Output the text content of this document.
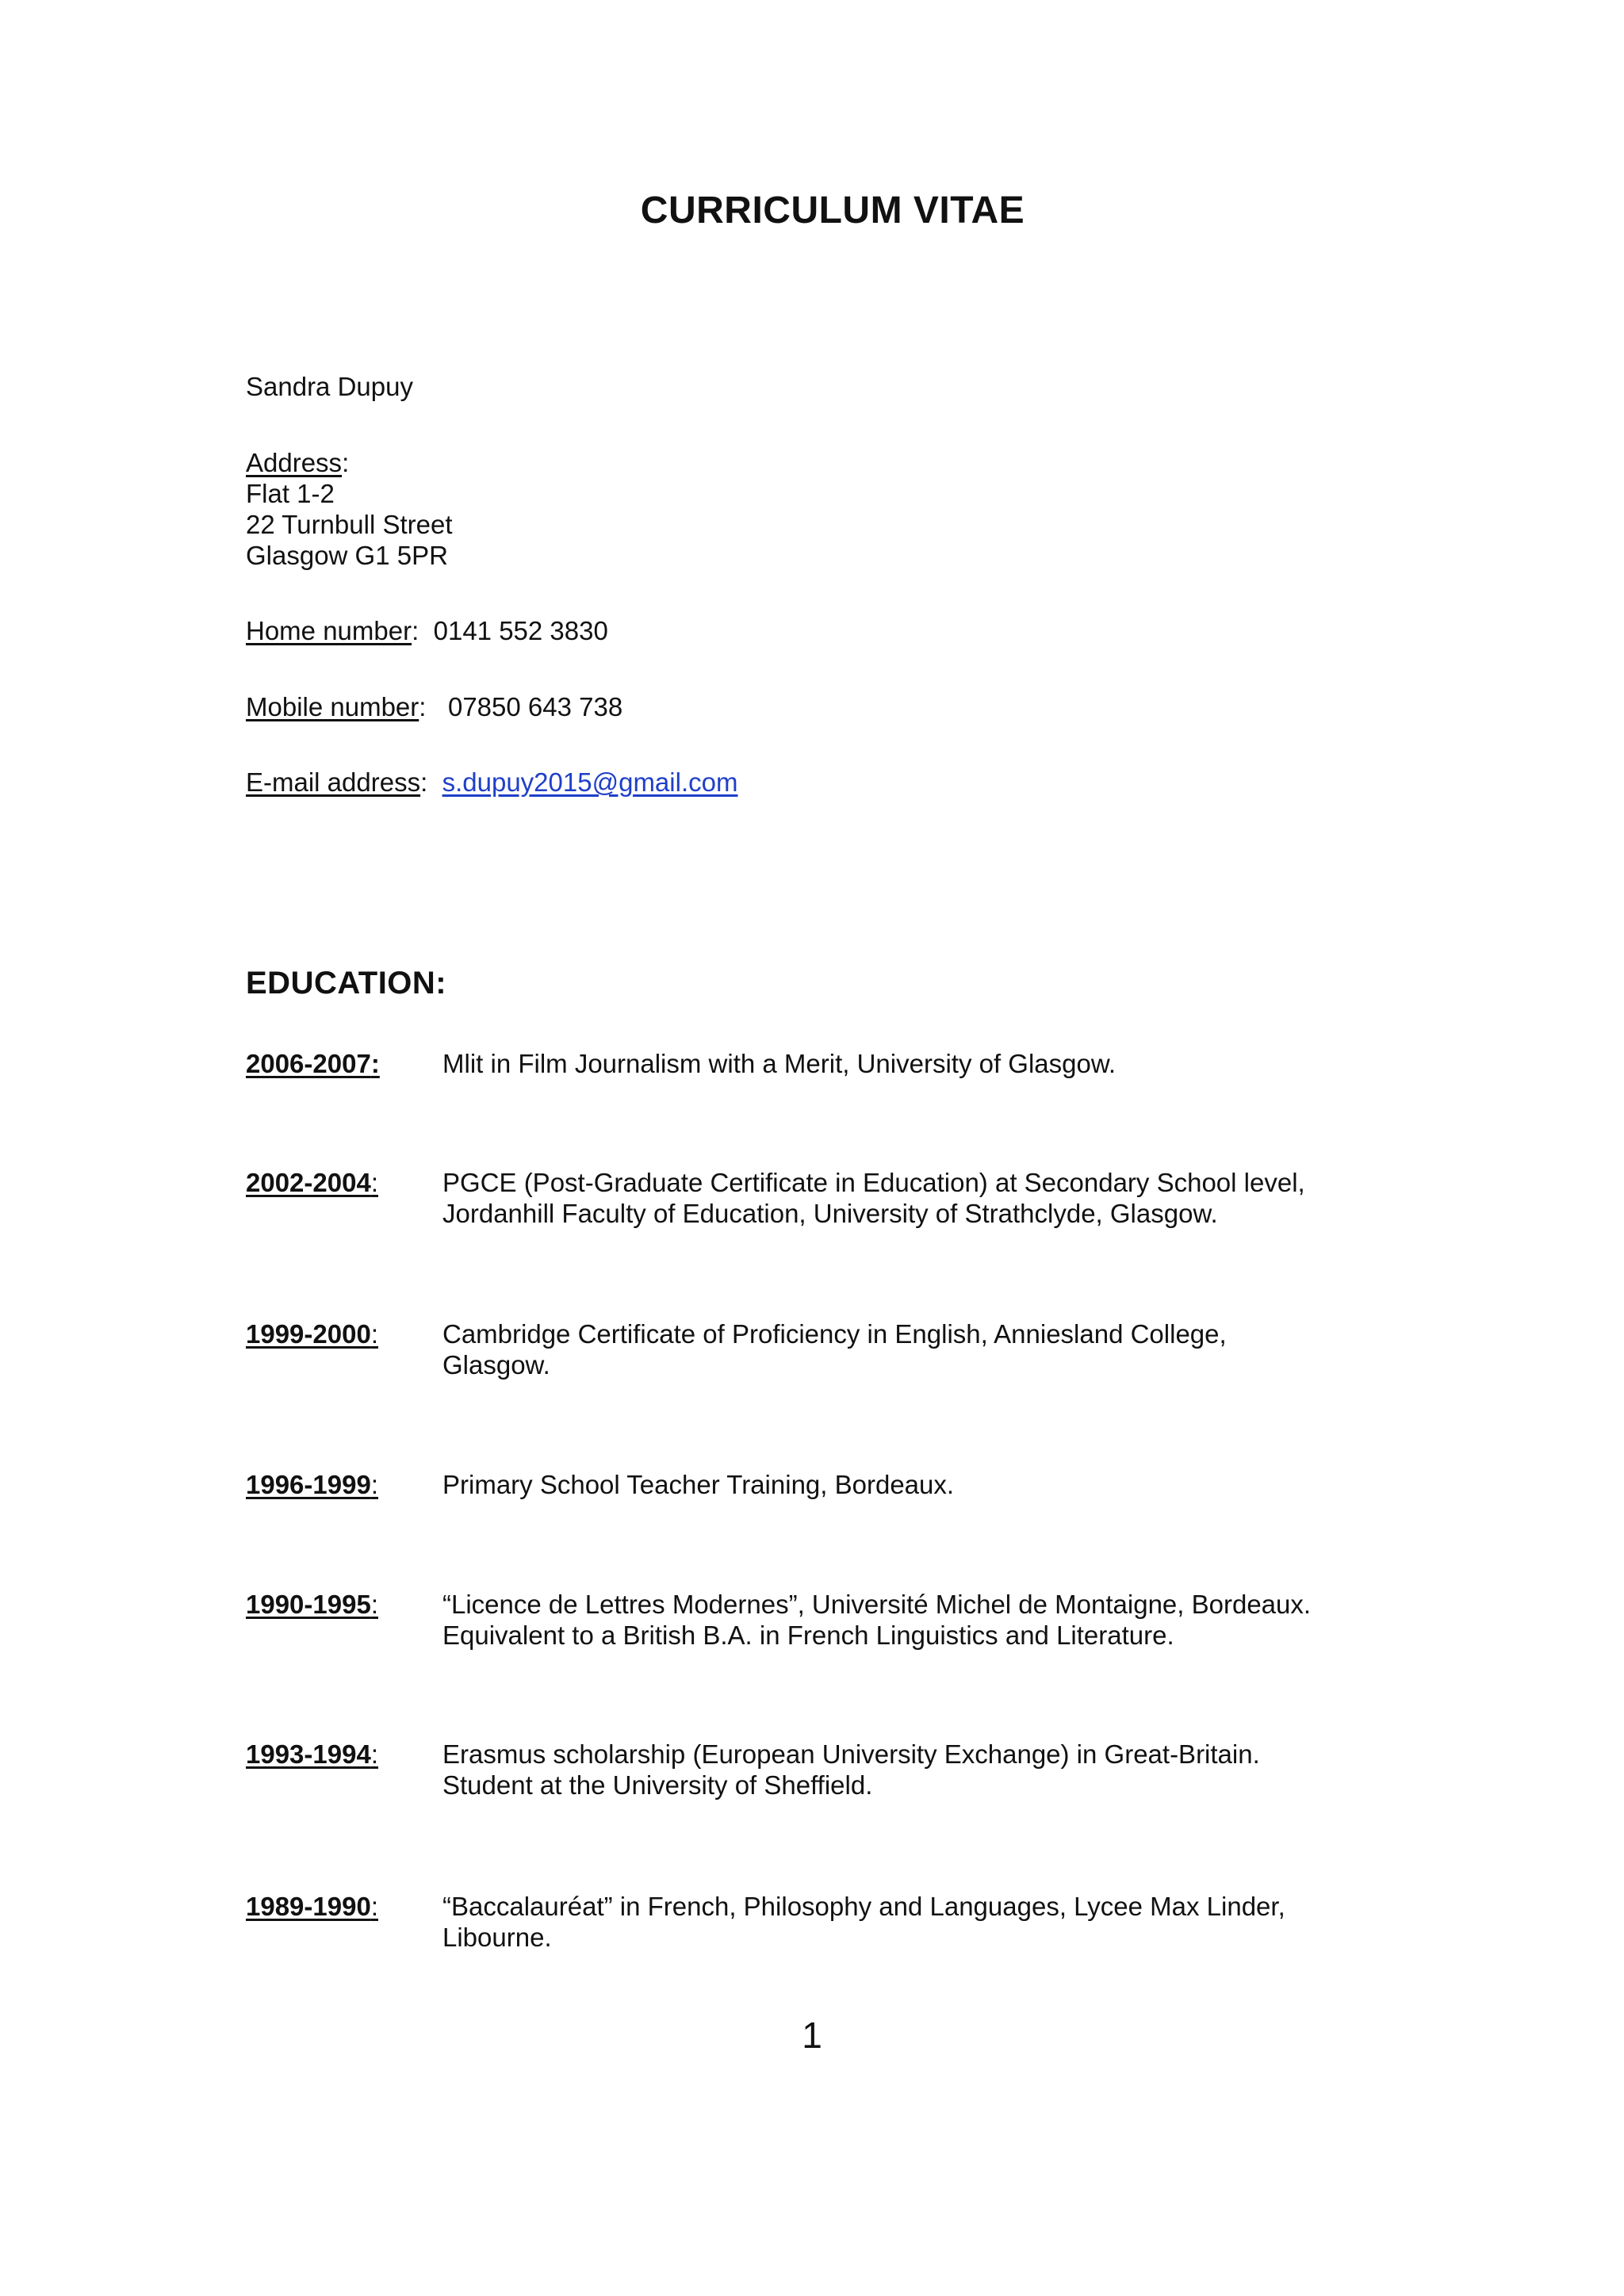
CURRICULUM VITAE
Sandra Dupuy
Address:
Flat 1-2
22 Turnbull Street
Glasgow G1 5PR
Home number: 0141 552 3830
Mobile number: 07850 643 738
E-mail address: s.dupuy2015@gmail.com
EDUCATION:
2006-2007: Mlit in Film Journalism with a Merit, University of Glasgow.
2002-2004: PGCE (Post-Graduate Certificate in Education) at Secondary School level,
Jordanhill Faculty of Education, University of Strathclyde, Glasgow.
1999-2000: Cambridge Certificate of Proficiency in English, Anniesland College,
Glasgow.
1996-1999: Primary School Teacher Training, Bordeaux.
1990-1995: “Licence de Lettres Modernes”, Université Michel de Montaigne, Bordeaux.
Equivalent to a British B.A. in French Linguistics and Literature.
1993-1994: Erasmus scholarship (European University Exchange) in Great-Britain.
Student at the University of Sheffield.
1989-1990: “Baccalauréat” in French, Philosophy and Languages, Lycee Max Linder,
Libourne.
1
